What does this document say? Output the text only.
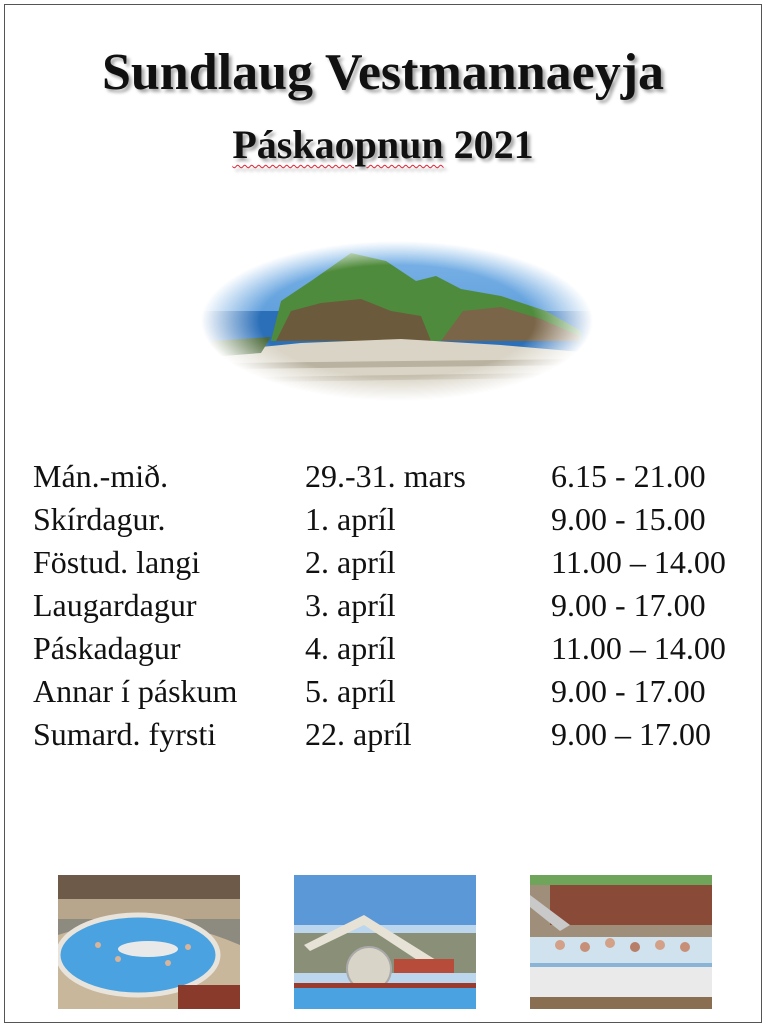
Sundlaug Vestmannaeyja
Páskaopnun 2021
Mán.-mið.	29.-31. mars	6.15 - 21.00
Skírdagur.	1. apríl	9.00 - 15.00
Föstud. langi	2. apríl	11.00 – 14.00
Laugardagur	3. apríl	9.00 - 17.00
Páskadagur	4. apríl	11.00 – 14.00
Annar í páskum 5. apríl	9.00 - 17.00
Sumard. fyrsti	22. apríl	9.00 – 17.00
